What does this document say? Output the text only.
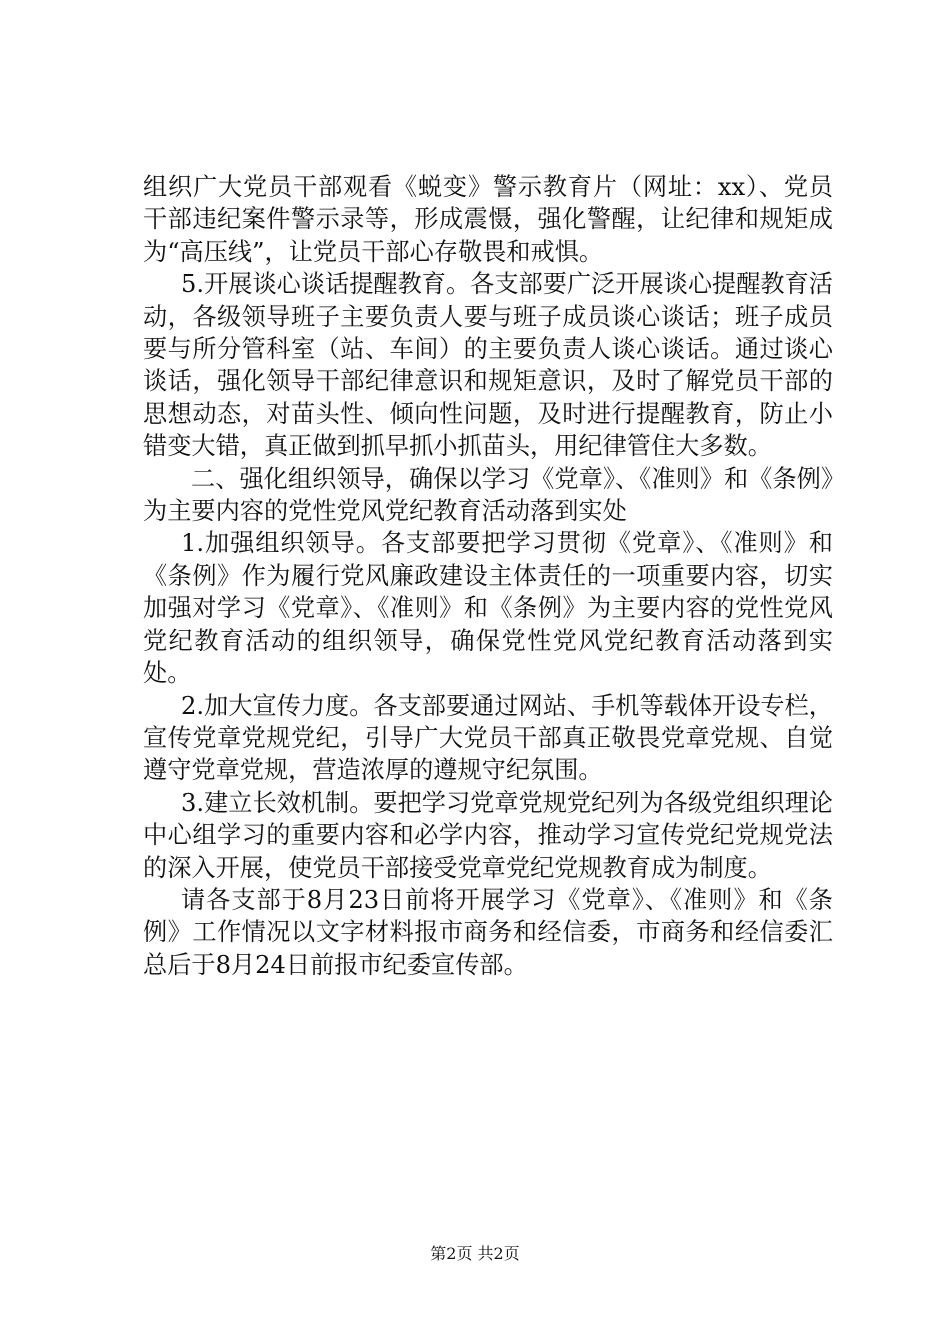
组织广大党员干部观看《蜕变》警示教育片（网址：xx）、党员干部违纪案件警示录等，形成震慑，强化警醒，让纪律和规矩成为“高压线”，让党员干部心存敬畏和戒惧。

5.开展谈心谈话提醒教育。各支部要广泛开展谈心提醒教育活动，各级领导班子主要负责人要与班子成员谈心谈话；班子成员要与所分管科室（站、车间）的主要负责人谈心谈话。通过谈心谈话，强化领导干部纪律意识和规矩意识，及时了解党员干部的思想动态，对苗头性、倾向性问题，及时进行提醒教育，防止小错变大错，真正做到抓早抓小抓苗头，用纪律管住大多数。

二、强化组织领导，确保以学习《党章》、《准则》和《条例》为主要内容的党性党风党纪教育活动落到实处

1.加强组织领导。各支部要把学习贯彻《党章》、《准则》和《条例》作为履行党风廉政建设主体责任的一项重要内容，切实加强对学习《党章》、《准则》和《条例》为主要内容的党性党风党纪教育活动的组织领导，确保党性党风党纪教育活动落到实处。

2.加大宣传力度。各支部要通过网站、手机等载体开设专栏，宣传党章党规党纪，引导广大党员干部真正敬畏党章党规、自觉遵守党章党规，营造浓厚的遵规守纪氛围。

3.建立长效机制。要把学习党章党规党纪列为各级党组织理论中心组学习的重要内容和必学内容，推动学习宣传党纪党规党法的深入开展，使党员干部接受党章党纪党规教育成为制度。

请各支部于8月23日前将开展学习《党章》、《准则》和《条例》工作情况以文字材料报市商务和经信委，市商务和经信委汇总后于8月24日前报市纪委宣传部。

第2页 共2页
